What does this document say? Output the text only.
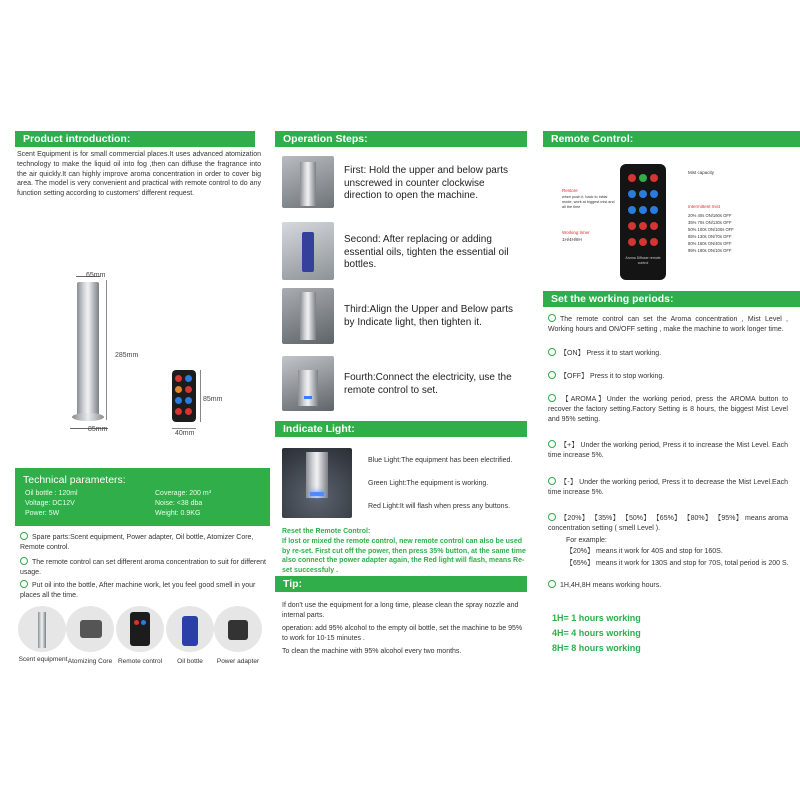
Product introduction:

Scent Equipment is for small commercial places.It uses advanced atomization technology to make the liquid oil into fog ,then can diffuse the fragrance into the air quickly.It can highly improve aroma concentration in order to cover big area. The model is very convenient and practical with remote control to do any function setting according to customers' different request.

65mm
285mm
85mm
85mm
40mm
Technical parameters:
Oil bottle : 120ml	Coverage: 200 m³
Voltage: DC12V	Noise: <38 dba
Power: 5W	Weight: 0.9KG
Spare parts:Scent equipment, Power adapter, Oil bottle, Atomizer Core, Remote control.
The remote control can set different aroma concentration to suit for different usage.
Put oil into the bottle, After machine work, let you feel good smell in your places all the time.
Scent equipment Atomizing Core Remote control	Oil bottle	Power adapter
Operation Steps:

First: Hold the upper and below parts unscrewed in counter clockwise direction to open the machine.

Second: After replacing or adding essential oils, tighten the essential oil bottles.

Third:Align the Upper and Below parts by Indicate light, then tighten it.

Fourth:Connect the electricity, use the remote control to set.

Indicate Light:
Blue Light:The equipment has been electrified.
Green Light:The equipment is working.
Red Light:It will flash when press any buttons.
Reset the Remote Control:

If lost or mixed the remote control, new remote control can also be used by re-set. First cut off the power, then press 35% button, at the same time also connect the power adapter again, the Red light will flash, means Re-set successfuly .

Tip:

If don't use the equipment for a long time, please clean the spray nozzle and internal parts.

operation: add 95% alcohol to the empty oil bottle, set the machine to be 95% to work for 10-15 minutes .

To clean the machine with 95% alcohol every two months.

Remote Control:
Aroma Diffuser remote control
Mist capacity
Restore
when push it, back to initial mode, work at biggest mist and all the time
Working timer
1H/4H/8H
Intermittent mist
20% 40s ON/160s OFF
35% 70s ON/130s OFF
50% 100s ON/100s OFF
65% 130s ON/70s OFF
80% 160s ON/40s OFF
95% 190s ON/10s OFF
Set the working periods:
The remote control can set the Aroma concentration , Mist Level , Working hours and ON/OFF setting , make the machine to work longer time.
【ON】 Press it to start working.
【OFF】 Press it to stop working.
【AROMA】Under the working period, press the AROMA button to recover the factory setting.Factory Setting is 8 hours, the biggest Mist Level and 95% setting.
【+】 Under the working period, Press it to increase the Mist Level. Each time increase 5%.
【-】 Under the working period, Press it to decrease the Mist Level.Each time increase 5%.
【20%】 【35%】 【50%】 【65%】 【80%】 【95%】 means aroma concentration setting ( smell Level ).
For example:
【20%】 means it work for 40S and stop for 160S.
【65%】 means it work for 130S and stop for 70S, total period is 200 S.
1H,4H,8H means working hours.
1H= 1 hours working
4H= 4 hours working
8H= 8 hours working
